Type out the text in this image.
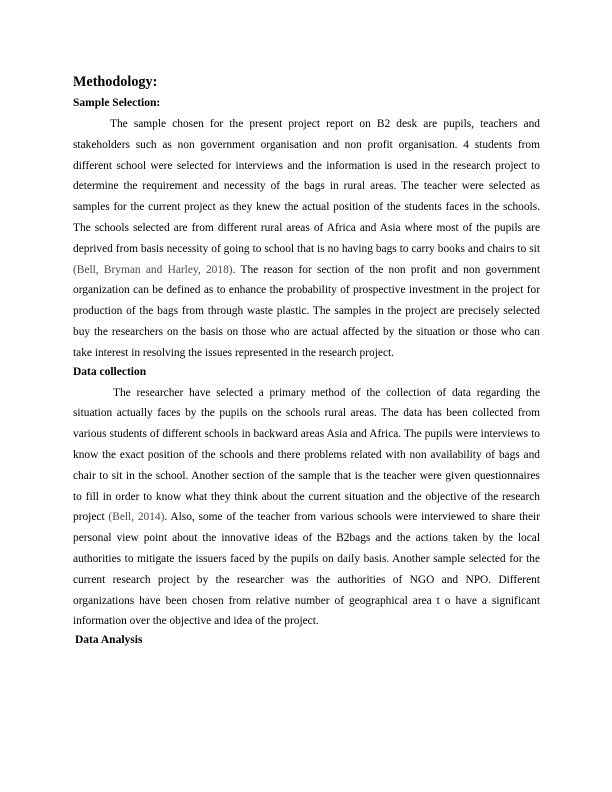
Methodology:
Sample Selection:

The sample chosen for the present project report on B2 desk are pupils, teachers and stakeholders such as non government organisation and non profit organisation. 4 students from different school were selected for interviews and the information is used in the research project to determine the requirement and necessity of the bags in rural areas. The teacher were selected as samples for the current project as they knew the actual position of the students faces in the schools. The schools selected are from different rural areas of Africa and Asia where most of the pupils are deprived from basis necessity of going to school that is no having bags to carry books and chairs to sit (Bell, Bryman and Harley, 2018). The reason for section of the non profit and non government organization can be defined as to enhance the probability of prospective investment in the project for production of the bags from through waste plastic. The samples in the project are precisely selected buy the researchers on the basis on those who are actual affected by the situation or those who can take interest in resolving the issues represented in the research project.

Data collection

The researcher have selected a primary method of the collection of data regarding the situation actually faces by the pupils on the schools rural areas. The data has been collected from various students of different schools in backward areas Asia and Africa. The pupils were interviews to know the exact position of the schools and there problems related with non availability of bags and chair to sit in the school. Another section of the sample that is the teacher were given questionnaires to fill in order to know what they think about the current situation and the objective of the research project (Bell, 2014). Also, some of the teacher from various schools were interviewed to share their personal view point about the innovative ideas of the B2bags and the actions taken by the local authorities to mitigate the issuers faced by the pupils on daily basis. Another sample selected for the current research project by the researcher was the authorities of NGO and NPO. Different organizations have been chosen from relative number of geographical area t o have a significant information over the objective and idea of the project.

Data Analysis
